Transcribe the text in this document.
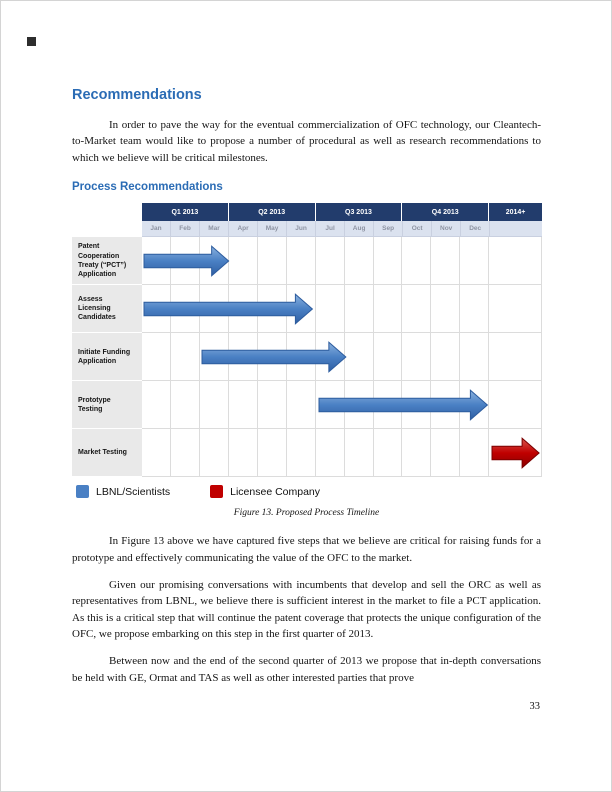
Recommendations

In order to pave the way for the eventual commercialization of OFC technology, our Cleantech-to-Market team would like to propose a number of procedural as well as research recommendations to which we believe will be critical milestones.

Process Recommendations
Q1 2013	Q2 2013	Q3 2013	Q4 2013	2014+
Jan	Feb	Mar	Apr	May	Jun	Jul	Aug	Sep	Oct	Nov	Dec
Patent Cooperation Treaty (“PCT”) Application
Assess Licensing Candidates
Initiate Funding Application
Prototype Testing
Market Testing
LBNL/Scientists	Licensee Company
Figure 13. Proposed Process Timeline

In Figure 13 above we have captured five steps that we believe are critical for raising funds for a prototype and effectively communicating the value of the OFC to the market.

Given our promising conversations with incumbents that develop and sell the ORC as well as representatives from LBNL, we believe there is sufficient interest in the market to file a PCT application. As this is a critical step that will continue the patent coverage that protects the unique configuration of the OFC, we propose embarking on this step in the first quarter of 2013.

Between now and the end of the second quarter of 2013 we propose that in-depth conversations be held with GE, Ormat and TAS as well as other interested parties that prove

33
